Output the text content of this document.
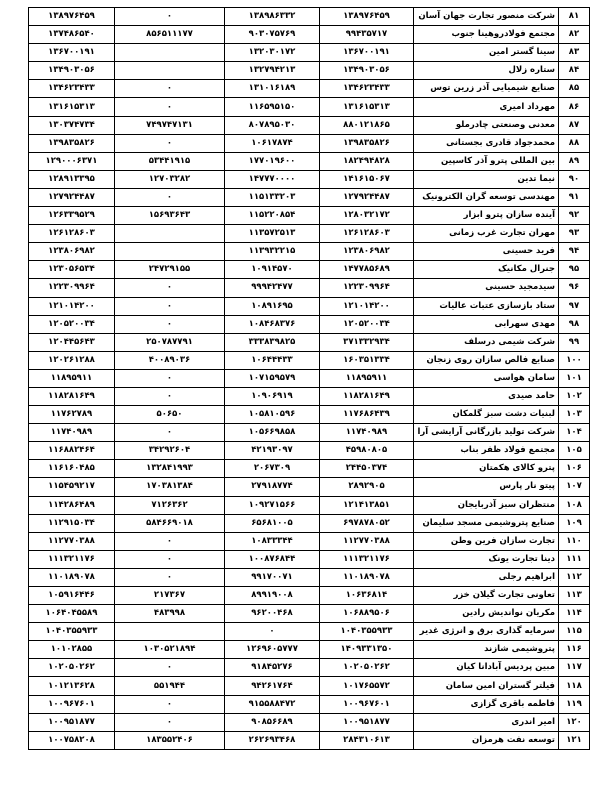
۸۱	شرکت منصور تجارت جهان آسان	۱۳۸۹۷۶۴۵۹	۱۳۸۹۸۶۳۳۲	۰	۱۳۸۹۷۶۴۵۹
۸۲	مجتمع فولادروهینا جنوب	۹۹۴۳۵۷۱۷	۹۰۳۰۷۵۷۶۹	۸۵۶۵۱۱۱۷۷	۱۳۷۴۸۶۵۴۰
۸۳	سینا گستر امین	۱۳۶۷۰۰۱۹۱	۱۳۲۰۳۰۱۷۲		۱۳۶۷۰۰۱۹۱
۸۴	ستاره زلال	۱۳۴۹۰۳۰۵۶	۱۳۲۷۹۴۲۱۳		۱۳۴۹۰۳۰۵۶
۸۵	صنایع شیمیایی آذر زرین توس	۱۳۴۶۲۳۴۳۳	۱۳۱۰۱۶۱۸۹	۰	۱۳۴۶۲۳۴۳۳
۸۶	مهرداد امیری	۱۳۱۶۱۵۳۱۳	۱۱۶۵۹۵۱۵۰	۰	۱۳۱۶۱۵۳۱۳
۸۷	معدنی وصنعتی چادرملو	۸۸۰۱۲۱۸۶۵	۸۰۷۸۹۵۰۳۰	۷۴۹۷۴۷۱۳۱	۱۳۰۳۷۴۷۳۴
۸۸	محمدجواد قادری بجستانی	۱۳۹۸۳۵۸۲۶	۱۰۶۱۷۸۷۴	۰	۱۳۹۸۳۵۸۲۶
۸۹	بین المللی پترو آذر کاسپین	۱۸۲۴۹۴۸۲۸	۱۷۷۰۱۹۶۰۰	۵۳۴۴۱۹۱۵	۱۲۹۰۰۰۶۳۷۱
۹۰	نیما تدین	۱۴۱۶۱۵۰۶۷	۱۴۷۷۷۰۰۰۰	۱۲۷۰۳۲۸۲	۱۲۸۹۱۳۳۹۵
۹۱	مهندسی توسعه گران الکترونیک	۱۲۷۹۲۴۴۸۷	۱۱۵۱۳۳۲۰۳	۰	۱۲۷۹۲۴۴۸۷
۹۲	آینده سازان پترو ابزار	۱۲۸۰۳۲۱۷۲	۱۱۵۲۲۰۸۵۴	۱۵۶۹۳۶۴۳	۱۲۶۳۳۹۵۲۹
۹۳	مهران تجارت غرب زمانی	۱۲۶۱۲۸۶۰۳	۱۱۳۵۷۲۵۱۳		۱۲۶۱۲۸۶۰۳
۹۴	فرید حسینی	۱۲۳۸۰۶۹۸۲	۱۱۳۹۳۲۲۱۵		۱۲۳۸۰۶۹۸۲
۹۵	جنرال مکانیک	۱۴۷۷۸۵۶۸۹	۱۰۹۱۴۵۷۰	۲۴۷۲۹۱۵۵	۱۲۳۰۵۶۵۳۴
۹۶	سیدمجید حسینی	۱۲۲۳۰۹۹۶۴	۹۹۹۴۲۴۷۷	۰	۱۲۲۳۰۹۹۶۴
۹۷	ستاد بازسازی عتبات عالیات	۱۲۱۰۱۴۲۰۰	۱۰۸۹۱۶۹۵	۰	۱۲۱۰۱۴۲۰۰
۹۸	مهدی سهرابی	۱۲۰۵۲۰۰۳۴	۱۰۸۴۶۸۳۷۶	۰	۱۲۰۵۲۰۰۳۴
۹۹	شرکت شیمی درسلف	۳۷۱۳۳۲۹۳۴	۳۳۳۸۳۹۸۲۵	۲۵۰۷۸۷۷۹۱	۱۲۰۴۴۵۶۴۳
۱۰۰	صنایع فالص سازان روی زنجان	۱۶۰۳۵۱۳۳۴	۱۰۶۴۴۴۳۳	۴۰۰۸۹۰۳۶	۱۲۰۲۶۱۲۸۸
۱۰۱	سامان هواسی	۱۱۸۹۵۹۱۱	۱۰۷۱۵۹۵۷۹	۰	۱۱۸۹۵۹۱۱
۱۰۲	حامد صیدی	۱۱۸۲۸۱۶۴۹	۱۰۹۰۶۹۱۹	۰	۱۱۸۲۸۱۶۴۹
۱۰۳	لبنیات دشت سبز گلمکان	۱۱۷۶۸۶۴۳۹	۱۰۵۸۱۰۵۹۶	۵۰۶۵۰	۱۱۷۶۲۷۸۹
۱۰۴	شرکت تولید بازرگانی آرایشی آرا	۱۱۷۴۰۹۸۹	۱۰۵۶۶۹۸۵۸	۰	۱۱۷۴۰۹۸۹
۱۰۵	مجتمع فولاد ظفر بناب	۴۵۹۸۰۸۰۵	۴۲۱۹۳۰۹۷	۳۴۲۹۲۶۰۴	۱۱۶۸۸۲۴۶۴
۱۰۶	پترو کالای هکمتان	۲۴۴۵۰۳۷۴	۲۰۶۷۳۰۹	۱۳۲۸۴۱۹۹۳	۱۱۶۱۶۰۴۸۵
۱۰۷	پیتو نار پارس	۲۸۹۲۹۰۵	۲۷۹۱۸۷۷۴	۱۷۰۳۸۱۳۸۴	۱۱۵۴۵۹۲۱۷
۱۰۸	منتظران سبز آذربایجان	۱۲۱۴۱۳۸۵۱	۱۰۹۲۷۱۵۶۶	۷۱۲۶۳۶۲	۱۱۴۲۸۶۴۸۹
۱۰۹	صنایع پتروشیمی مسجد سلیمان	۶۹۷۸۷۸۰۵۲	۶۵۶۸۱۰۰۵	۵۸۴۶۶۹۰۱۸	۱۱۲۹۱۵۰۳۴
۱۱۰	تجارت سازان فرین وطن	۱۱۲۷۷۰۳۸۸	۱۰۸۳۳۳۴۴	۰	۱۱۲۷۷۰۳۸۸
۱۱۱	دینا تجارت یونک	۱۱۱۳۲۱۱۷۶	۱۰۰۸۷۶۸۴۴	۰	۱۱۱۳۲۱۱۷۶
۱۱۲	ابراهیم رجلی	۱۱۰۱۸۹۰۷۸	۹۹۱۷۰۰۷۱	۰	۱۱۰۱۸۹۰۷۸
۱۱۳	تعاونی تجارت گیلان خزر	۱۰۶۳۶۸۱۴	۸۹۹۱۹۰۰۸	۲۱۷۳۶۷	۱۰۵۹۱۶۴۴۶
۱۱۴	مکریان نواندیش رادین	۱۰۶۸۸۹۵۰۶	۹۶۲۰۰۴۶۸	۴۸۳۹۹۸	۱۰۶۴۰۴۵۵۸۹
۱۱۵	سرمایه گذاری برق و انرژی غدیر	۱۰۴۰۳۵۵۹۳۳	۰		۱۰۴۰۳۵۵۹۳۳
۱۱۶	پتروشیمی شازند	۱۴۰۹۳۳۱۳۵۰	۱۲۶۹۶۰۵۷۷۷	۱۰۳۰۵۲۱۸۹۴	۱۰۱۰۲۸۵۵
۱۱۷	مبین پردیس آبادانا کیان	۱۰۲۰۵۰۲۶۲	۹۱۸۴۵۲۷۶	۰	۱۰۲۰۵۰۲۶۲
۱۱۸	فیلتر گستران امین سامان	۱۰۱۷۶۵۵۷۲	۹۴۲۶۱۷۶۴	۵۵۱۹۴۴	۱۰۱۲۱۳۶۲۸
۱۱۹	فاطمه باقری گزازی	۱۰۰۹۶۷۶۰۱	۹۱۵۵۸۸۴۷۲	۰	۱۰۰۹۶۷۶۰۱
۱۲۰	امیر اندری	۱۰۰۹۵۱۸۷۷	۹۰۸۵۶۶۸۹	۰	۱۰۰۹۵۱۸۷۷
۱۲۱	توسعه نفت هرمزان	۲۸۴۳۱۰۶۱۳	۲۶۲۶۹۳۴۶۸	۱۸۳۵۵۲۴۰۶	۱۰۰۷۵۸۲۰۸
